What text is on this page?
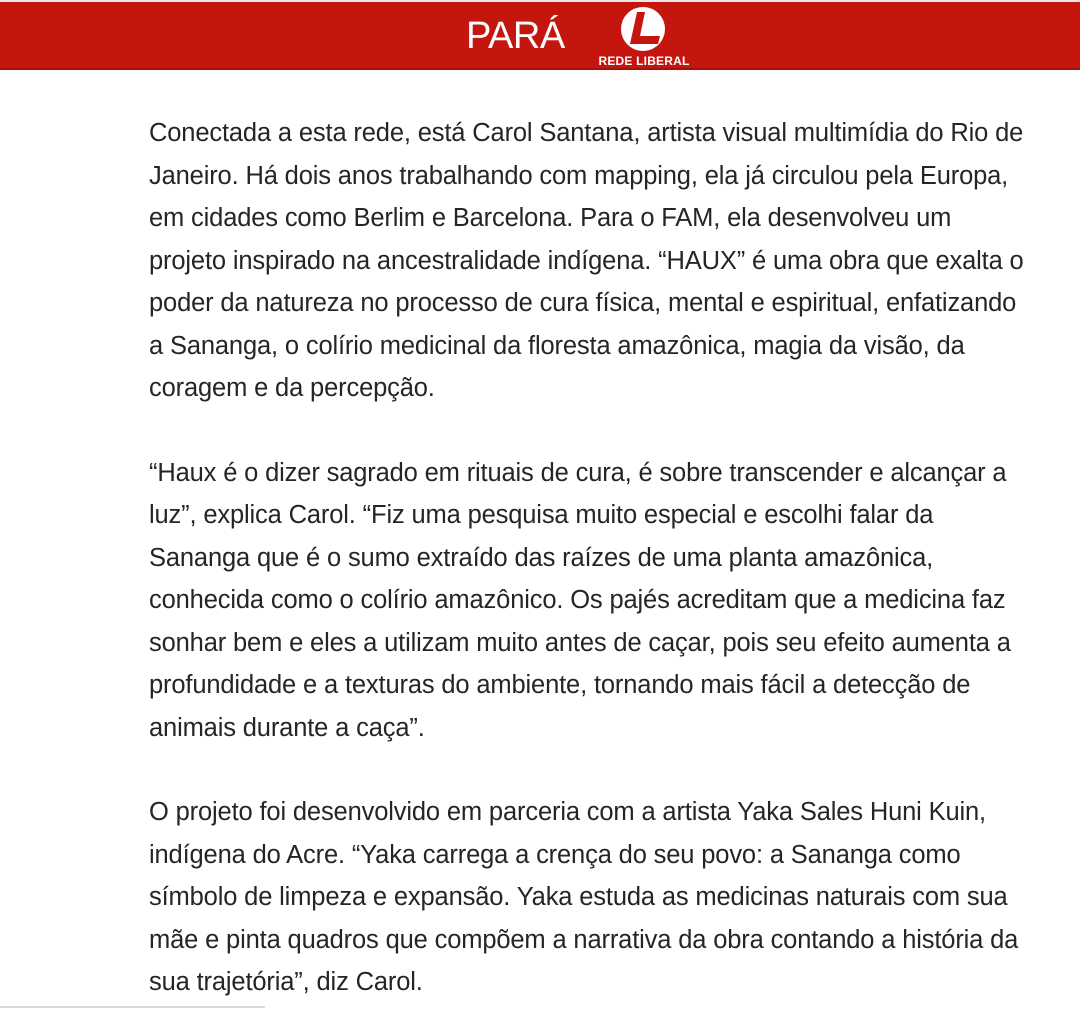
PARÁ
REDE LIBERAL

Conectada a esta rede, está Carol Santana, artista visual multimídia do Rio de Janeiro. Há dois anos trabalhando com mapping, ela já circulou pela Europa, em cidades como Berlim e Barcelona. Para o FAM, ela desenvolveu um projeto inspirado na ancestralidade indígena. “HAUX” é uma obra que exalta o poder da natureza no processo de cura física, mental e espiritual, enfatizando a Sananga, o colírio medicinal da floresta amazônica, magia da visão, da coragem e da percepção.

“Haux é o dizer sagrado em rituais de cura, é sobre transcender e alcançar a luz”, explica Carol. “Fiz uma pesquisa muito especial e escolhi falar da Sananga que é o sumo extraído das raízes de uma planta amazônica, conhecida como o colírio amazônico. Os pajés acreditam que a medicina faz sonhar bem e eles a utilizam muito antes de caçar, pois seu efeito aumenta a profundidade e a texturas do ambiente, tornando mais fácil a detecção de animais durante a caça”.

O projeto foi desenvolvido em parceria com a artista Yaka Sales Huni Kuin, indígena do Acre. “Yaka carrega a crença do seu povo: a Sananga como símbolo de limpeza e expansão. Yaka estuda as medicinas naturais com sua mãe e pinta quadros que compõem a narrativa da obra contando a história da sua trajetória”, diz Carol.
